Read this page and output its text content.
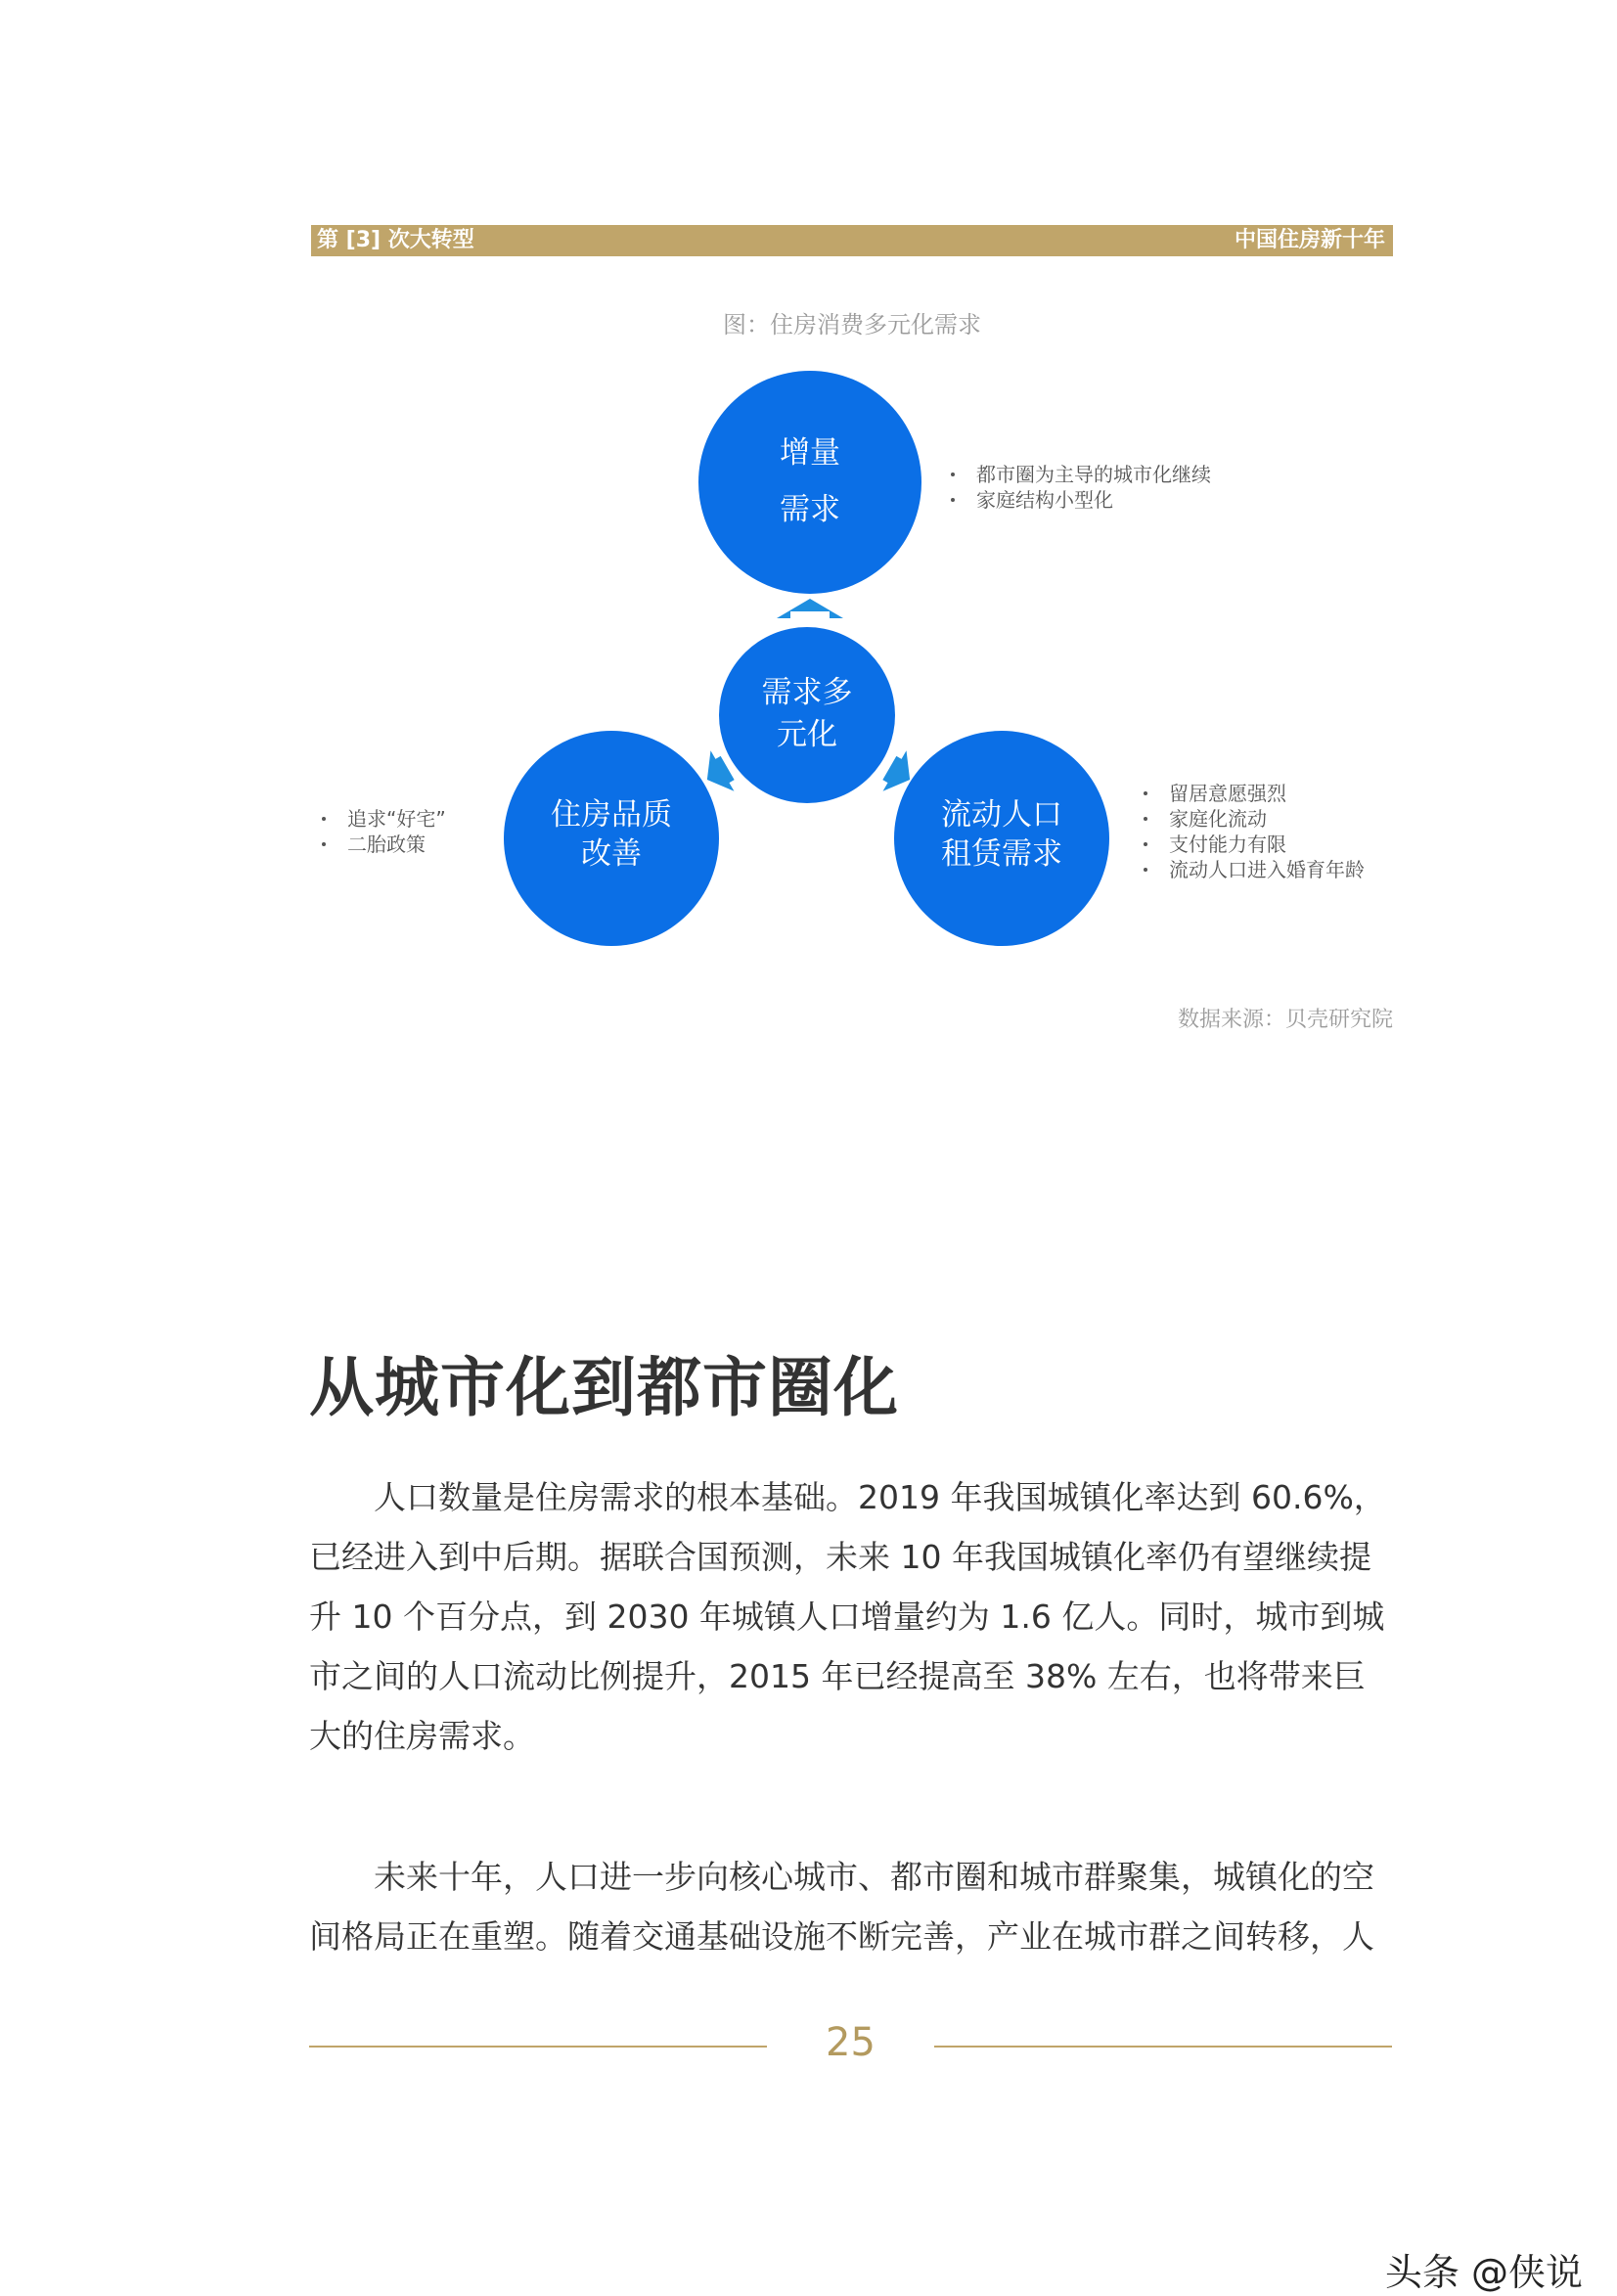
第 [3] 次大转型	中国住房新十年
图：住房消费多元化需求
增量
需求
需求多
元化
住房品质
改善
流动人口
租赁需求
都市圈为主导的城市化继续
家庭结构小型化
追求“好宅”
二胎政策
留居意愿强烈
家庭化流动
支付能力有限
流动人口进入婚育年龄
数据来源：贝壳研究院
从城市化到都市圈化

人口数量是住房需求的根本基础。2019 年我国城镇化率达到 60.6%，已经进入到中后期。据联合国预测，未来 10 年我国城镇化率仍有望继续提升 10 个百分点，到 2030 年城镇人口增量约为 1.6 亿人。同时，城市到城市之间的人口流动比例提升，2015 年已经提高至 38% 左右，也将带来巨大的住房需求。

未来十年，人口进一步向核心城市、都市圈和城市群聚集，城镇化的空间格局正在重塑。随着交通基础设施不断完善，产业在城市群之间转移，人

25
头条 @侠说
